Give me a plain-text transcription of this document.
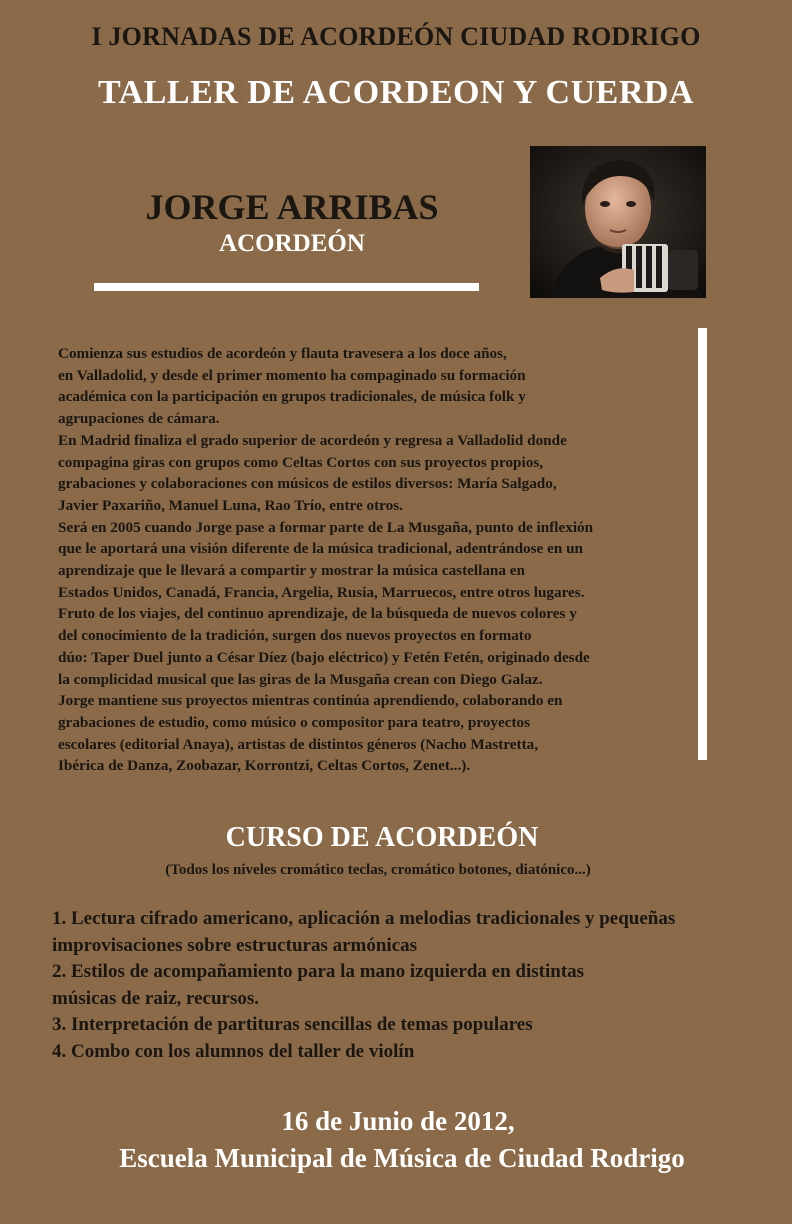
I JORNADAS DE ACORDEÓN CIUDAD RODRIGO
TALLER DE ACORDEON Y CUERDA
JORGE ARRIBAS
ACORDEÓN

Comienza sus estudios de acordeón y flauta travesera a los doce años,

en Valladolid, y desde el primer momento ha compaginado su formación

académica con la participación en grupos tradicionales, de música folk y

agrupaciones de cámara.

En Madrid finaliza el grado superior de acordeón y regresa a Valladolid donde

compagina giras con grupos como Celtas Cortos con sus proyectos propios,

grabaciones y colaboraciones con músicos de estilos diversos: María Salgado,

Javier Paxariño, Manuel Luna, Rao Trío, entre otros.

Será en 2005 cuando Jorge pase a formar parte de La Musgaña, punto de inflexión

que le aportará una visión diferente de la música tradicional, adentrándose en un

aprendizaje que le llevará a compartir y mostrar la música castellana en

Estados Unidos, Canadá, Francia, Argelia, Rusia, Marruecos, entre otros lugares.

Fruto de los viajes, del continuo aprendizaje, de la búsqueda de nuevos colores y

del conocimiento de la tradición, surgen dos nuevos proyectos en formato

dúo: Taper Duel junto a César Díez (bajo eléctrico) y Fetén Fetén, originado desde

la complicidad musical que las giras de la Musgaña crean con Diego Galaz.

Jorge mantiene sus proyectos mientras continúa aprendiendo, colaborando en

grabaciones de estudio, como músico o compositor para teatro, proyectos

escolares (editorial Anaya), artistas de distintos géneros (Nacho Mastretta,

Ibérica de Danza, Zoobazar, Korrontzi, Celtas Cortos, Zenet...).

CURSO DE ACORDEÓN
(Todos los niveles cromático teclas, cromático botones, diatónico...)

1. Lectura cifrado americano, aplicación a melodias tradicionales y pequeñas

improvisaciones sobre estructuras armónicas

2. Estilos de acompañamiento para la mano izquierda en distintas

músicas de raiz, recursos.

3. Interpretación de partituras sencillas de temas populares

4. Combo con los alumnos del taller de violín

16 de Junio de 2012,
Escuela Municipal de Música de Ciudad Rodrigo
